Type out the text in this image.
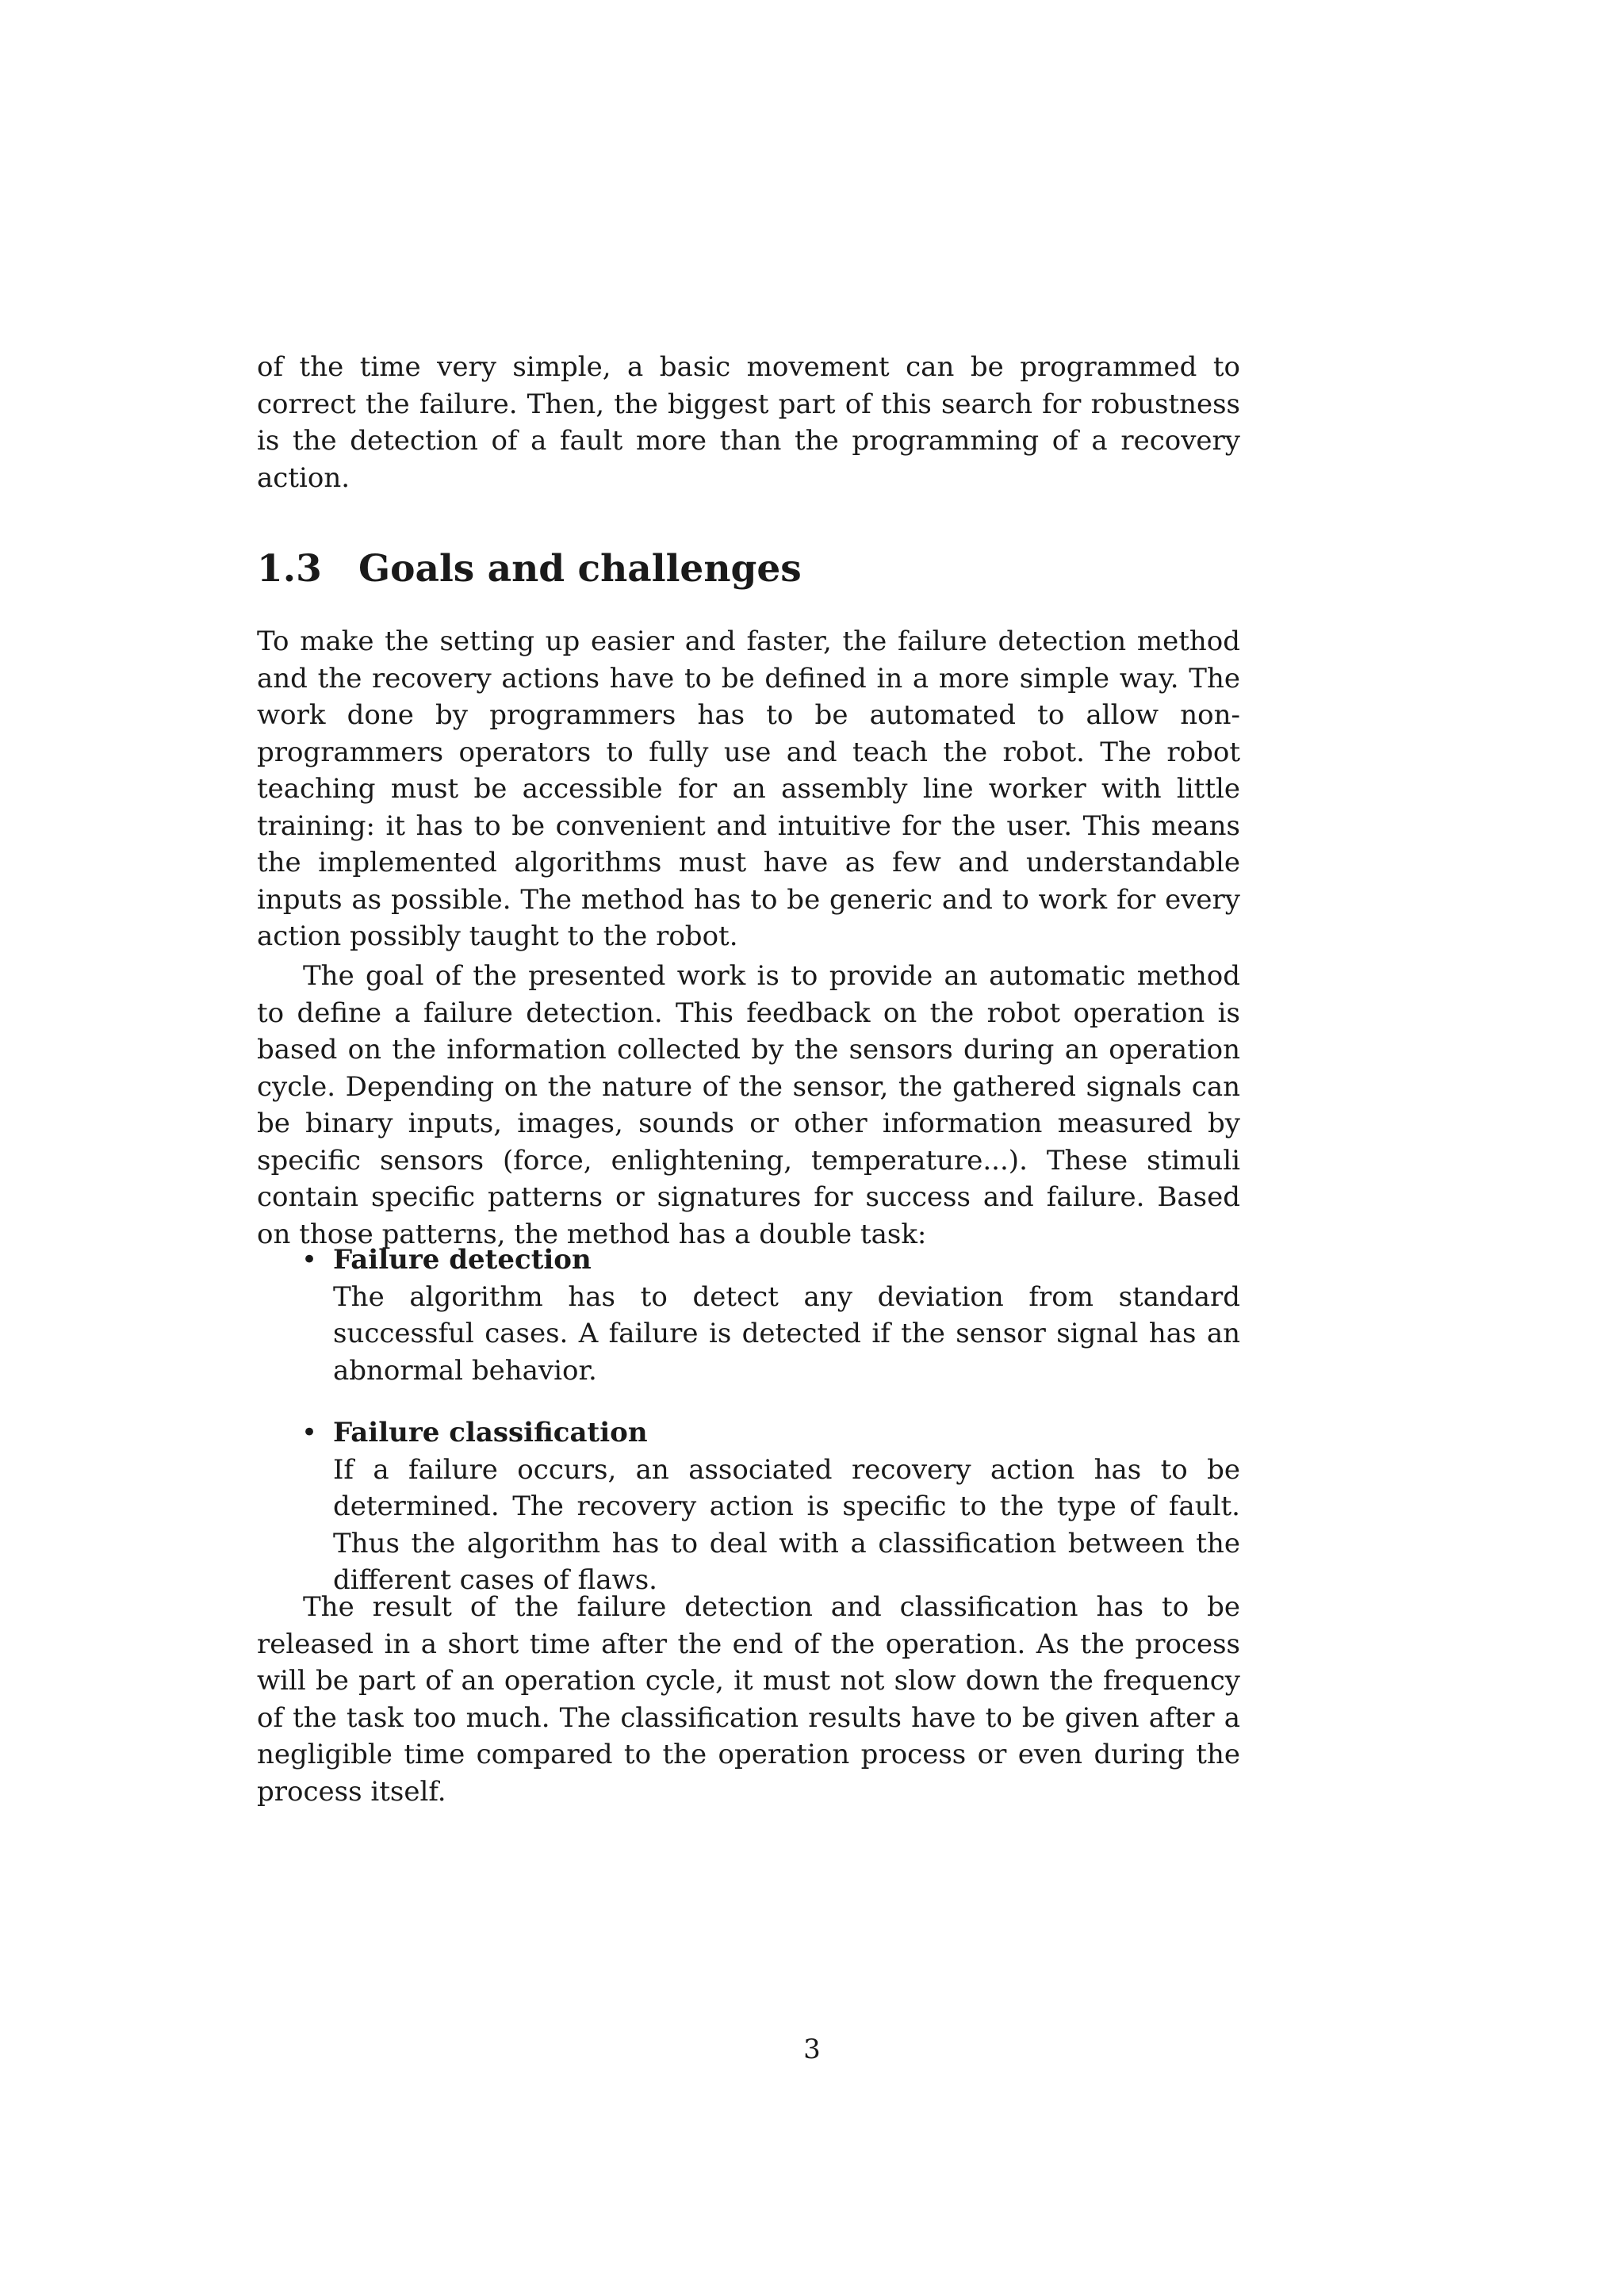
of the time very simple, a basic movement can be programmed to correct the failure. Then, the biggest part of this search for robustness is the detection of a fault more than the programming of a recovery action.

1.3 Goals and challenges

To make the setting up easier and faster, the failure detection method and the recovery actions have to be defined in a more simple way. The work done by programmers has to be automated to allow non-programmers operators to fully use and teach the robot. The robot teaching must be accessible for an assembly line worker with little training: it has to be convenient and intuitive for the user. This means the implemented algorithms must have as few and understandable inputs as possible. The method has to be generic and to work for every action possibly taught to the robot.

The goal of the presented work is to provide an automatic method to define a failure detection. This feedback on the robot operation is based on the information collected by the sensors during an operation cycle. Depending on the nature of the sensor, the gathered signals can be binary inputs, images, sounds or other information measured by specific sensors (force, enlightening, temperature...). These stimuli contain specific patterns or signatures for success and failure. Based on those patterns, the method has a double task:

• Failure detection
The algorithm has to detect any deviation from standard successful cases. A failure is detected if the sensor signal has an abnormal behavior.
• Failure classification
If a failure occurs, an associated recovery action has to be determined. The recovery action is specific to the type of fault. Thus the algorithm has to deal with a classification between the different cases of flaws.

The result of the failure detection and classification has to be released in a short time after the end of the operation. As the process will be part of an operation cycle, it must not slow down the frequency of the task too much. The classification results have to be given after a negligible time compared to the operation process or even during the process itself.

3
